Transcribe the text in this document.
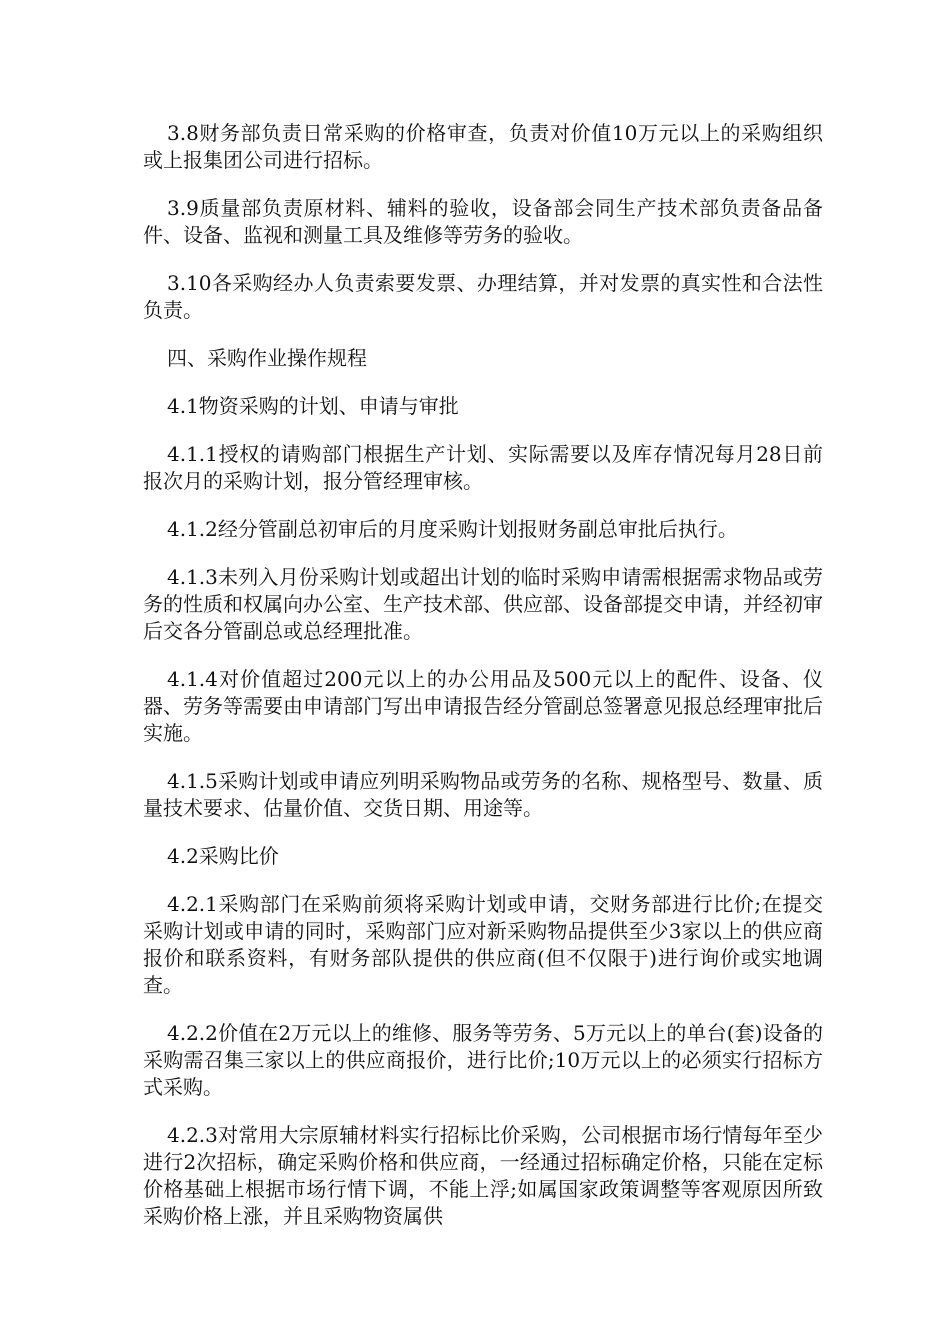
3.8财务部负责日常采购的价格审查，负责对价值10万元以上的采购组织或上报集团公司进行招标。

3.9质量部负责原材料、辅料的验收，设备部会同生产技术部负责备品备件、设备、监视和测量工具及维修等劳务的验收。

3.10各采购经办人负责索要发票、办理结算，并对发票的真实性和合法性负责。

四、采购作业操作规程

4.1物资采购的计划、申请与审批

4.1.1授权的请购部门根据生产计划、实际需要以及库存情况每月28日前报次月的采购计划，报分管经理审核。

4.1.2经分管副总初审后的月度采购计划报财务副总审批后执行。

4.1.3未列入月份采购计划或超出计划的临时采购申请需根据需求物品或劳务的性质和权属向办公室、生产技术部、供应部、设备部提交申请，并经初审后交各分管副总或总经理批准。

4.1.4对价值超过200元以上的办公用品及500元以上的配件、设备、仪器、劳务等需要由申请部门写出申请报告经分管副总签署意见报总经理审批后实施。

4.1.5采购计划或申请应列明采购物品或劳务的名称、规格型号、数量、质量技术要求、估量价值、交货日期、用途等。

4.2采购比价

4.2.1采购部门在采购前须将采购计划或申请，交财务部进行比价;在提交采购计划或申请的同时，采购部门应对新采购物品提供至少3家以上的供应商报价和联系资料，有财务部队提供的供应商(但不仅限于)进行询价或实地调查。

4.2.2价值在2万元以上的维修、服务等劳务、5万元以上的单台(套)设备的采购需召集三家以上的供应商报价，进行比价;10万元以上的必须实行招标方式采购。

4.2.3对常用大宗原辅材料实行招标比价采购，公司根据市场行情每年至少进行2次招标，确定采购价格和供应商，一经通过招标确定价格，只能在定标价格基础上根据市场行情下调，不能上浮;如属国家政策调整等客观原因所致采购价格上涨，并且采购物资属供
